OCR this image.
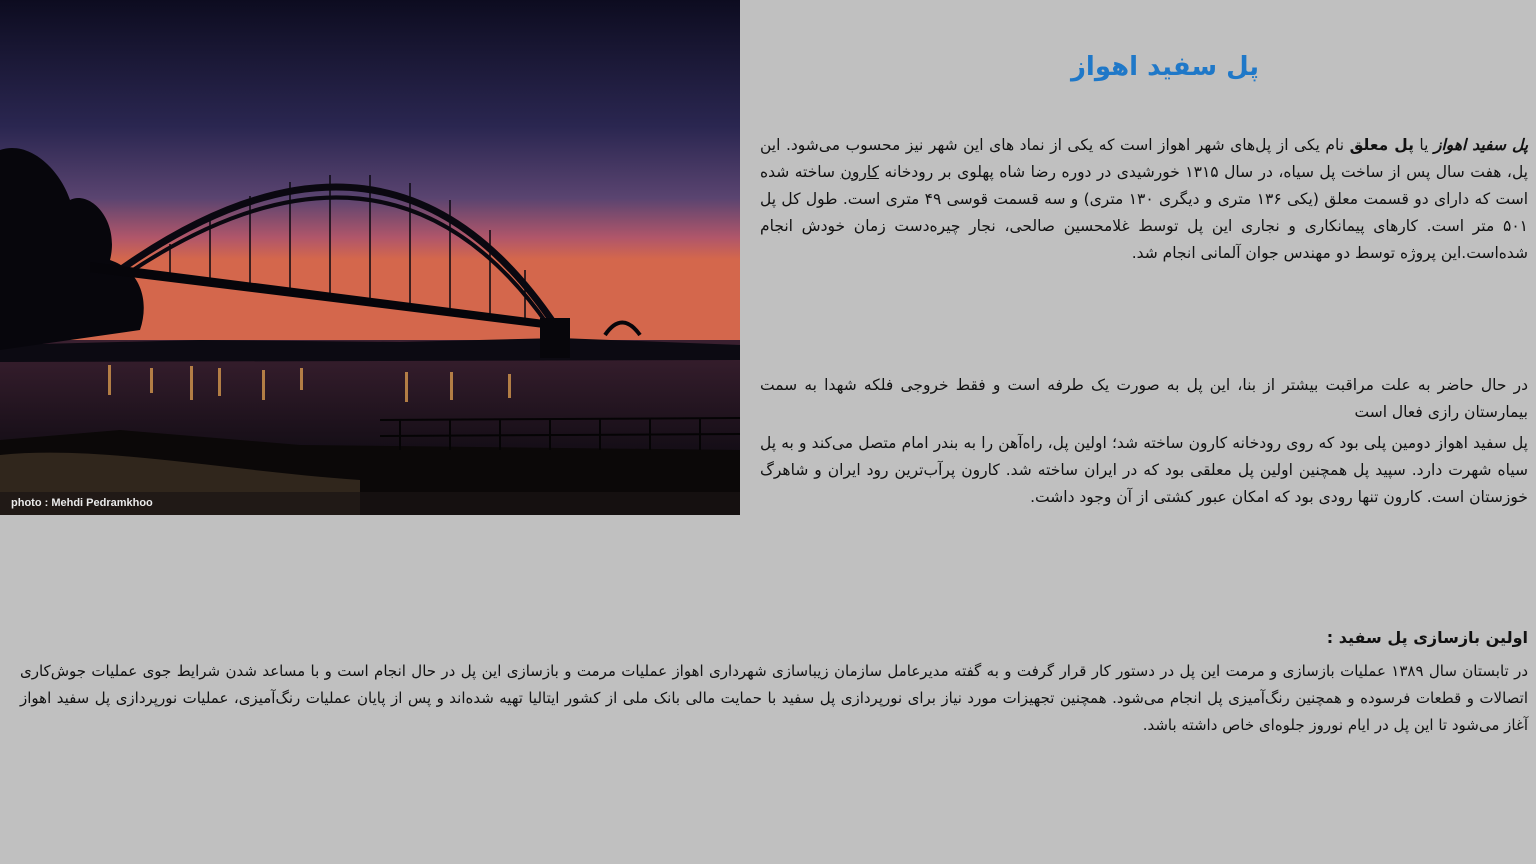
photo : Mehdi Pedramkhoo
پل سفید اهواز

پل سفید اهواز یا پل معلق نام یکی از پل‌های شهر اهواز است که یکی از نماد های این شهر نیز محسوب می‌شود. این پل، هفت سال پس از ساخت پل سیاه، در سال ۱۳۱۵ خورشیدی در دوره رضا شاه پهلوی بر رودخانه کارون ساخته شده است که دارای دو قسمت معلق (یکی ۱۳۶ متری و دیگری ۱۳۰ متری) و سه قسمت قوسی ۴۹ متری است. طول کل پل ۵۰۱ متر است. کارهای پیمانکاری و نجاری این پل توسط غلامحسین صالحی، نجار چیره‌دست زمان خودش انجام شده‌است.این پروژه توسط دو مهندس جوان آلمانی انجام شد.

در حال حاضر به علت مراقبت بیشتر از بنا، این پل به صورت یک طرفه است و فقط خروجی فلکه شهدا به سمت بیمارستان رازی فعال است

پل سفید اهواز دومین پلی بود که روی رودخانه کارون ساخته شد؛ اولین پل، راه‌آهن را به بندر امام متصل می‌کند و به پل سیاه شهرت دارد. سپید پل همچنین اولین پل معلقی بود که در ایران ساخته شد. کارون پرآب‌ترین رود ایران و شاهرگ خوزستان است. کارون تنها رودی بود که امکان عبور کشتی از آن وجود داشت.

اولین بازسازی پل سفید :

در تابستان سال ۱۳۸۹ عملیات بازسازی و مرمت این پل در دستور کار قرار گرفت و به گفته مدیرعامل سازمان زیباسازی شهرداری اهواز عملیات مرمت و بازسازی این پل در حال انجام است و با مساعد شدن شرایط جوی عملیات جوش‌کاری اتصالات و قطعات فرسوده و همچنین رنگ‌آمیزی پل انجام می‌شود. همچنین تجهیزات مورد نیاز برای نورپردازی پل سفید با حمایت مالی بانک ملی از کشور ایتالیا تهیه شده‌اند و پس از پایان عملیات رنگ‌آمیزی، عملیات نورپردازی پل سفید اهواز آغاز می‌شود تا این پل در ایام نوروز جلوه‌ای خاص داشته باشد.
